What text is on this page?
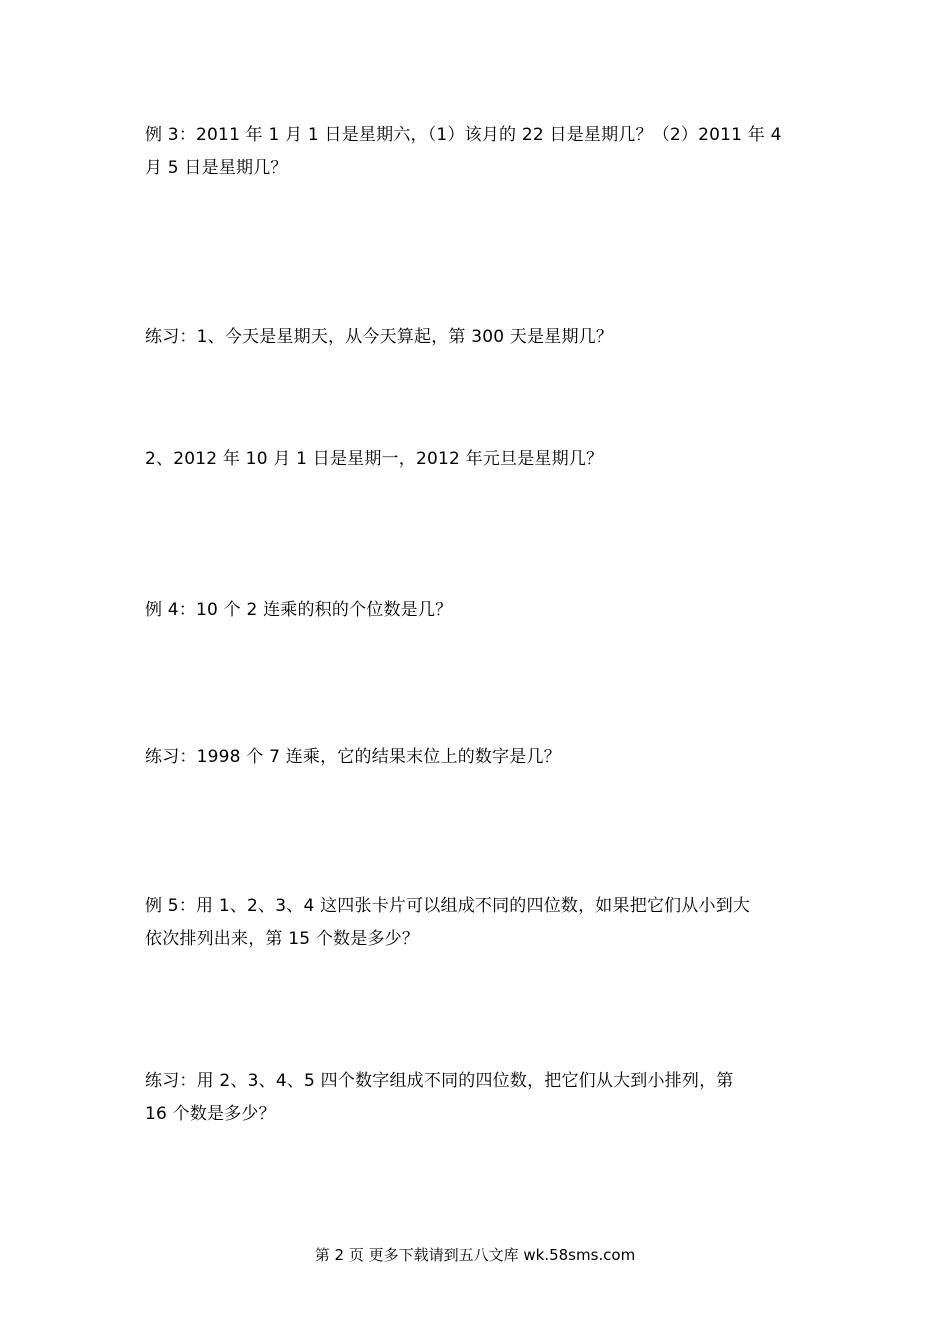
例 3：2011 年 1 月 1 日是星期六，（1）该月的 22 日是星期几？（2）2011 年 4
月 5 日是星期几？
练习：1、今天是星期天，从今天算起，第 300 天是星期几？
2、2012 年 10 月 1 日是星期一，2012 年元旦是星期几？
例 4：10 个 2 连乘的积的个位数是几？
练习：1998 个 7 连乘，它的结果末位上的数字是几？
例 5：用 1、2、3、4 这四张卡片可以组成不同的四位数，如果把它们从小到大
依次排列出来，第 15 个数是多少？
练习：用 2、3、4、5 四个数字组成不同的四位数，把它们从大到小排列，第
16 个数是多少？
第 2 页 更多下载请到五八文库 wk.58sms.com
